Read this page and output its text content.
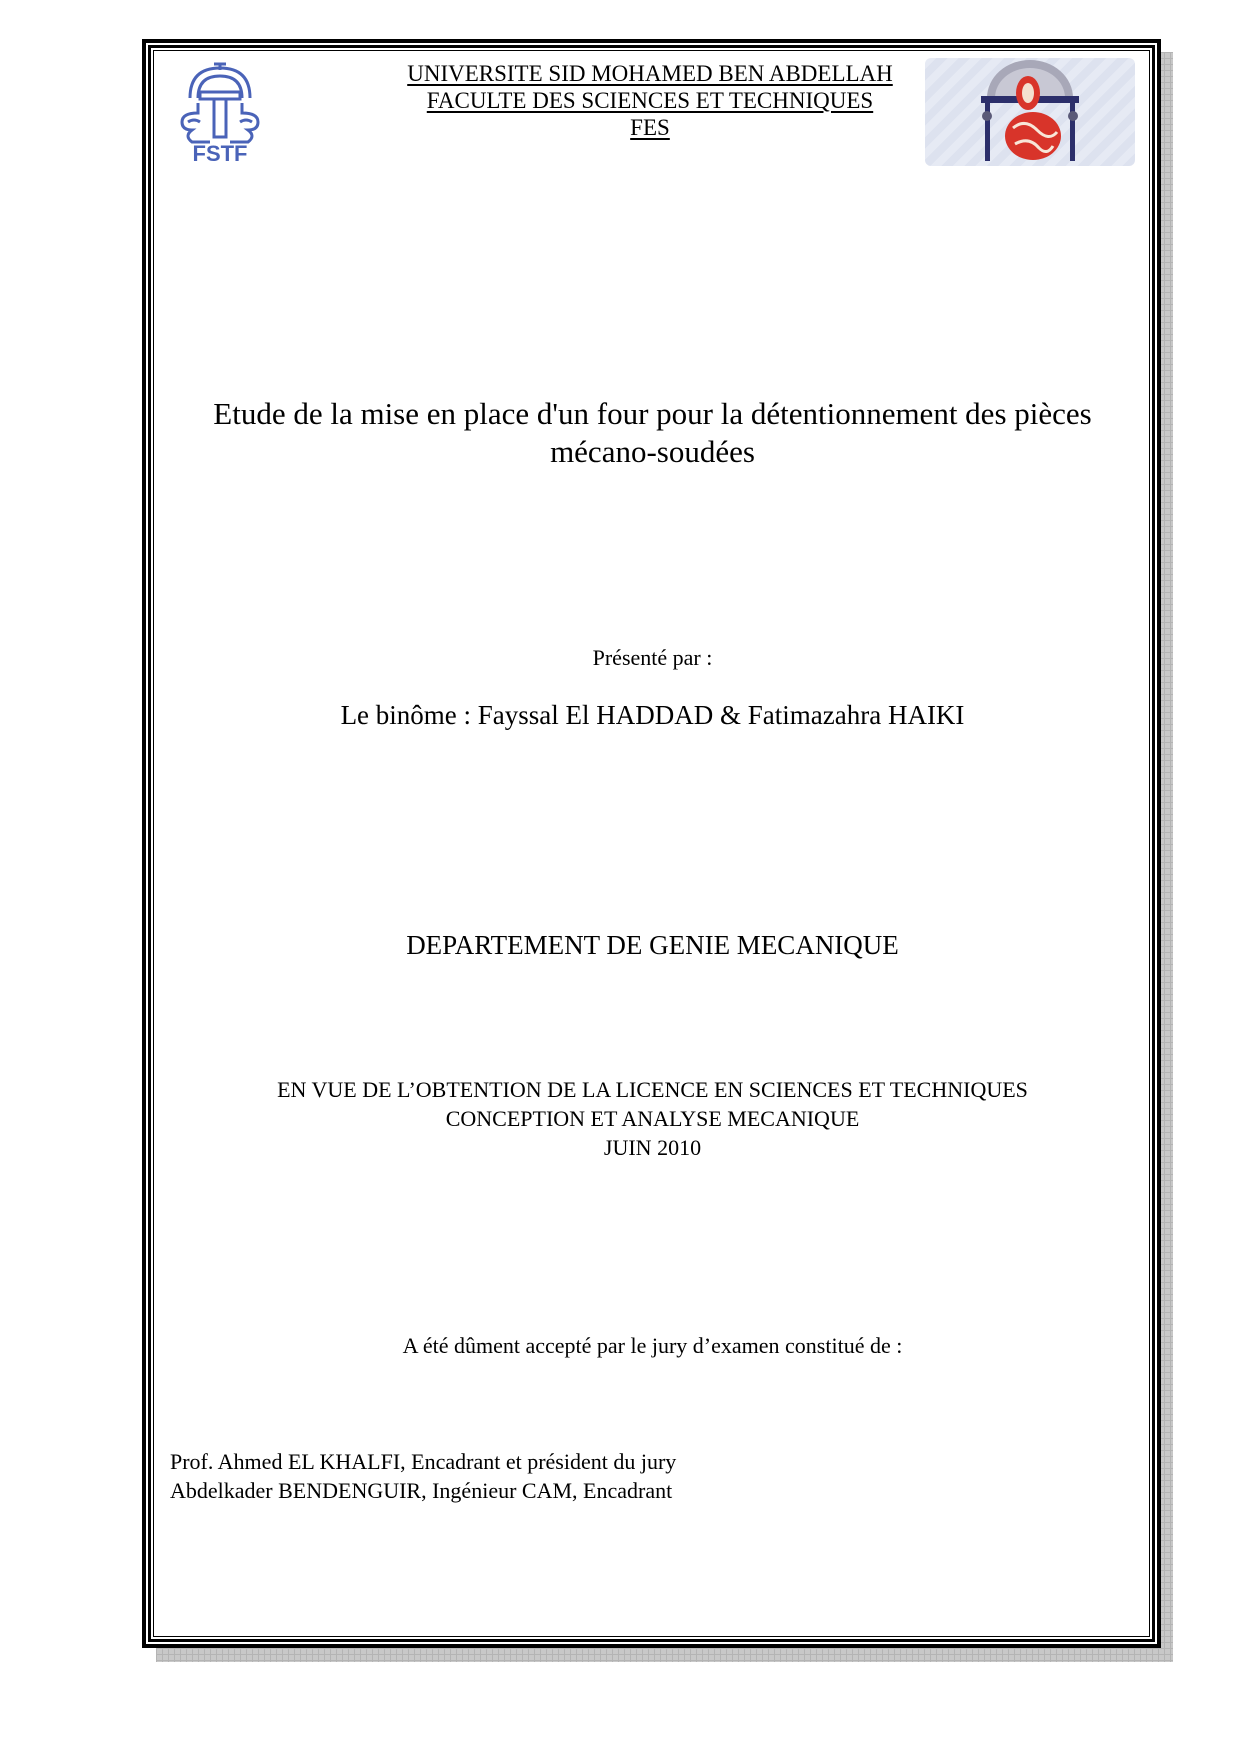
FSTF
UNIVERSITE SID MOHAMED BEN ABDELLAH
FACULTE DES SCIENCES ET TECHNIQUES
FES
Etude de la mise en place d'un four pour la détentionnement des pièces
mécano-soudées
Présenté par :
Le binôme : Fayssal El HADDAD & Fatimazahra HAIKI
DEPARTEMENT DE GENIE MECANIQUE
EN VUE DE L’OBTENTION DE LA LICENCE EN SCIENCES ET TECHNIQUES
CONCEPTION ET ANALYSE MECANIQUE
JUIN 2010
A été dûment accepté par le jury d’examen constitué de :
Prof. Ahmed EL KHALFI, Encadrant et président du jury
Abdelkader BENDENGUIR, Ingénieur CAM, Encadrant
